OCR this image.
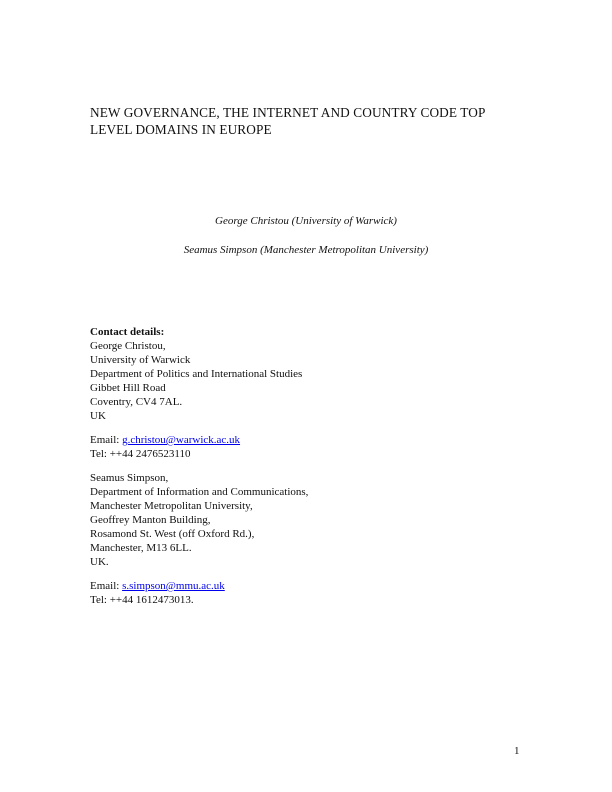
NEW GOVERNANCE, THE INTERNET AND COUNTRY CODE TOP
LEVEL DOMAINS IN EUROPE
George Christou (University of Warwick)
Seamus Simpson (Manchester Metropolitan University)
Contact details:
George Christou,
University of Warwick
Department of Politics and International Studies
Gibbet Hill Road
Coventry, CV4 7AL.
UK
Email: g.christou@warwick.ac.uk
Tel: ++44 2476523110
Seamus Simpson,
Department of Information and Communications,
Manchester Metropolitan University,
Geoffrey Manton Building,
Rosamond St. West (off Oxford Rd.),
Manchester, M13 6LL.
UK.
Email: s.simpson@mmu.ac.uk
Tel: ++44 1612473013.
1
